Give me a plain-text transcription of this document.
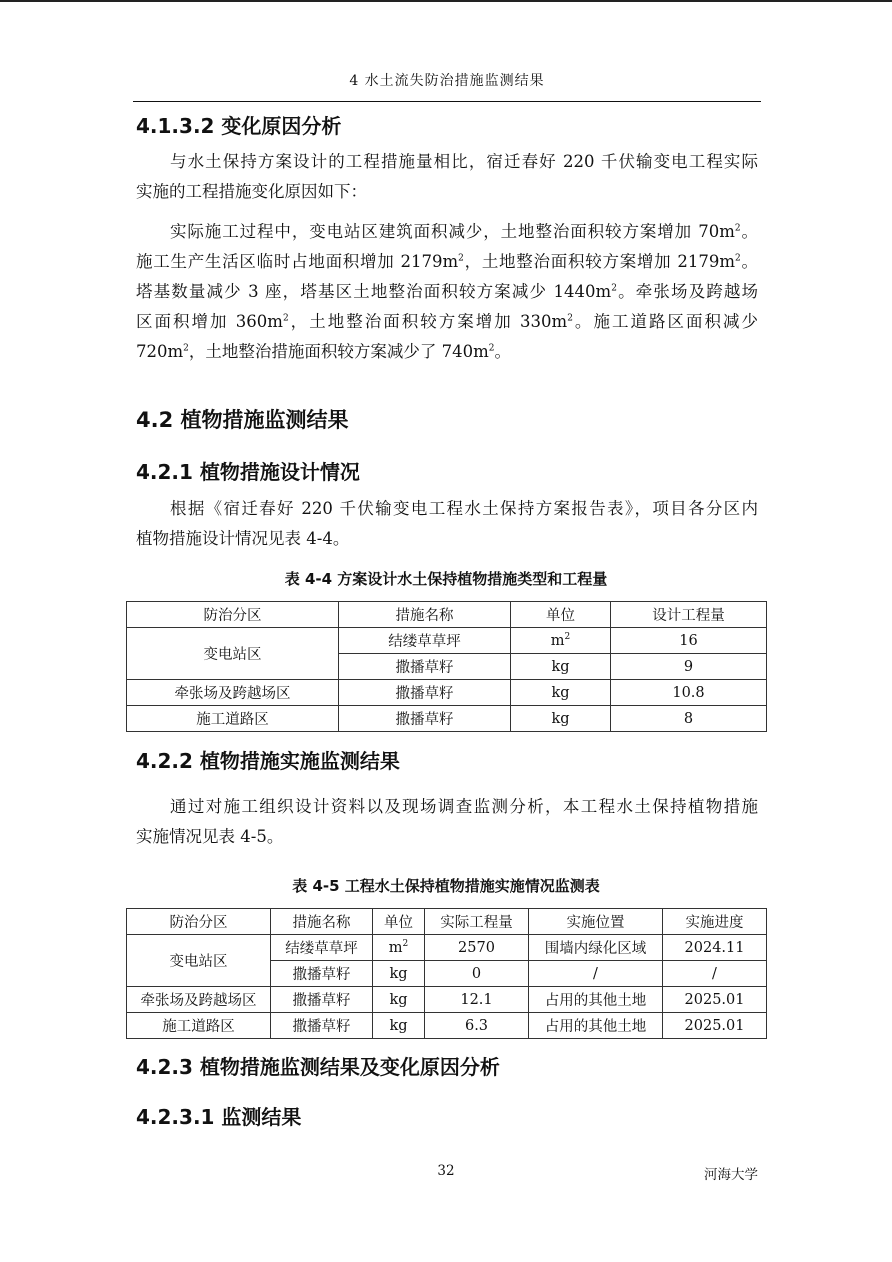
4 水土流失防治措施监测结果
4.1.3.2 变化原因分析
与水土保持方案设计的工程措施量相比，宿迁春好 220 千伏输变电工程实际
实施的工程措施变化原因如下：
实际施工过程中，变电站区建筑面积减少，土地整治面积较方案增加 $70m^2$。
施工生产生活区临时占地面积增加 $2179m^2$，土地整治面积较方案增加 $2179m^2$。
塔基数量减少 3 座，塔基区土地整治面积较方案减少 $1440m^2$。牵张场及跨越场
区面积增加 $360m^2$，土地整治面积较方案增加 $330m^2$。施工道路区面积减少
$720m^2$，土地整治措施面积较方案减少了 $740m^2$。
4.2 植物措施监测结果
4.2.1 植物措施设计情况
根据《宿迁春好 220 千伏输变电工程水土保持方案报告表》，项目各分区内
植物措施设计情况见表 4-4。
表 4-4 方案设计水土保持植物措施类型和工程量
防治分区	措施名称	单位	设计工程量
变电站区	结缕草草坪	$m^2$	16
	撒播草籽	kg	9
牵张场及跨越场区	撒播草籽	kg	10.8
施工道路区	撒播草籽	kg	8
4.2.2 植物措施实施监测结果
通过对施工组织设计资料以及现场调查监测分析，本工程水土保持植物措施
实施情况见表 4-5。
表 4-5 工程水土保持植物措施实施情况监测表
防治分区	措施名称	单位	实际工程量	实施位置	实施进度
变电站区	结缕草草坪	$m^2$	2570	围墙内绿化区域	2024.11
	撒播草籽	kg	0	/	/
牵张场及跨越场区	撒播草籽	kg	12.1	占用的其他土地	2025.01
施工道路区	撒播草籽	kg	6.3	占用的其他土地	2025.01
4.2.3 植物措施监测结果及变化原因分析
4.2.3.1 监测结果
32	河海大学
